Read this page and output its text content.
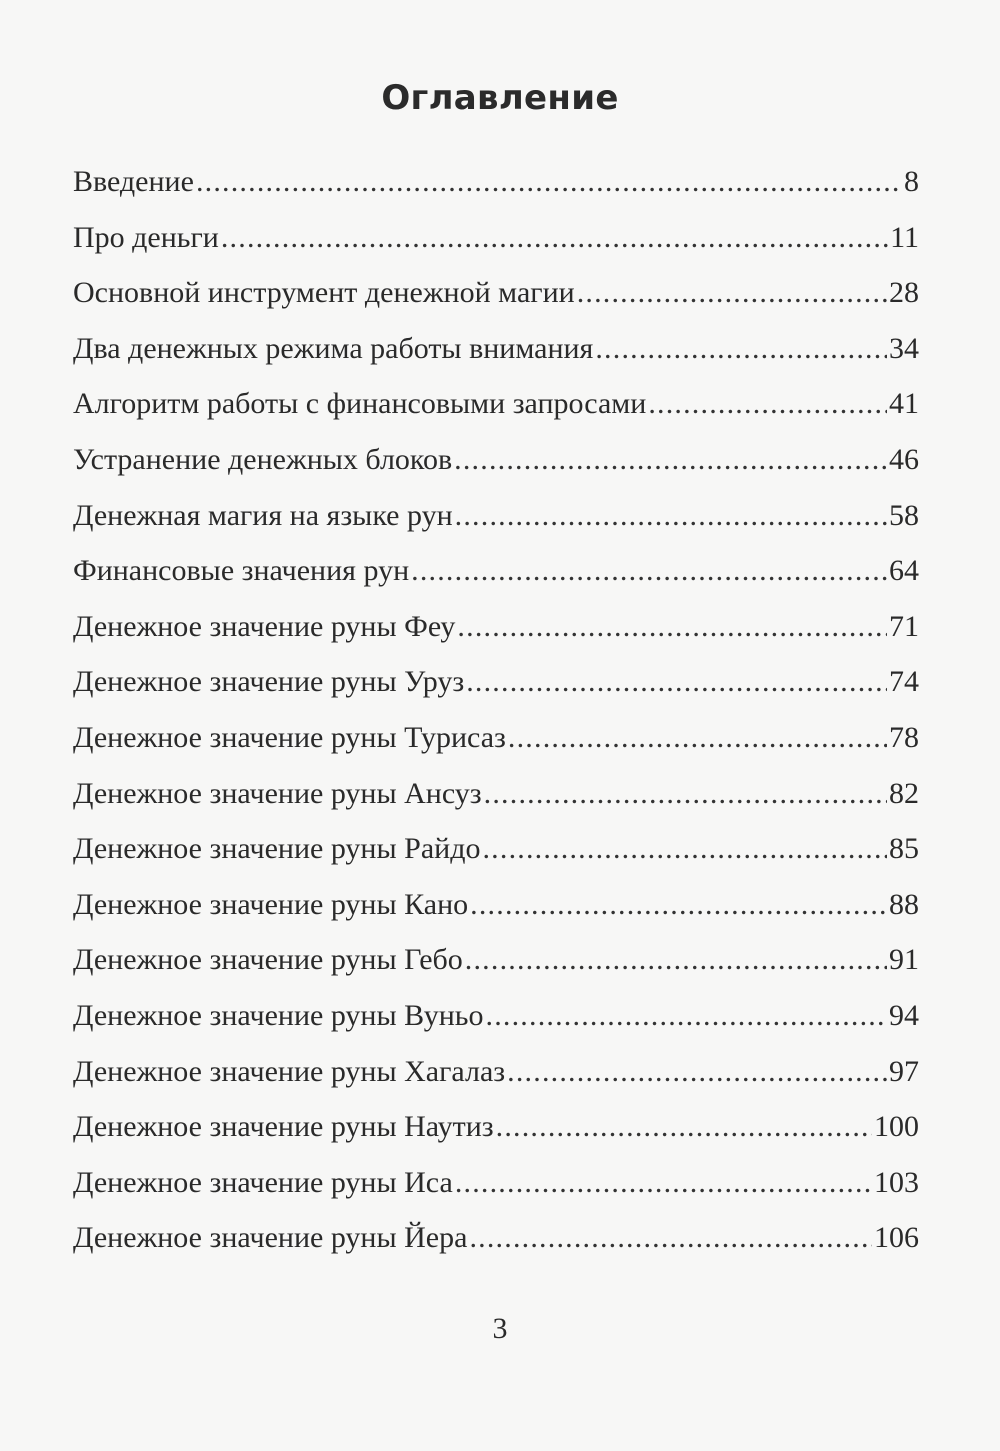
Оглавление
Введение .....	8
Про деньги .....	11
Основной инструмент денежной магии .....	28
Два денежных режима работы внимания .....	34
Алгоритм работы с финансовыми запросами .....	41
Устранение денежных блоков .....	46
Денежная магия на языке рун .....	58
Финансовые значения рун .....	64
Денежное значение руны Феу .....	71
Денежное значение руны Уруз .....	74
Денежное значение руны Турисаз .....	78
Денежное значение руны Ансуз .....	82
Денежное значение руны Райдо .....	85
Денежное значение руны Кано .....	88
Денежное значение руны Гебо .....	91
Денежное значение руны Вуньо .....	94
Денежное значение руны Хагалаз .....	97
Денежное значение руны Наутиз .....	100
Денежное значение руны Иса .....	103
Денежное значение руны Йера .....	106
3
